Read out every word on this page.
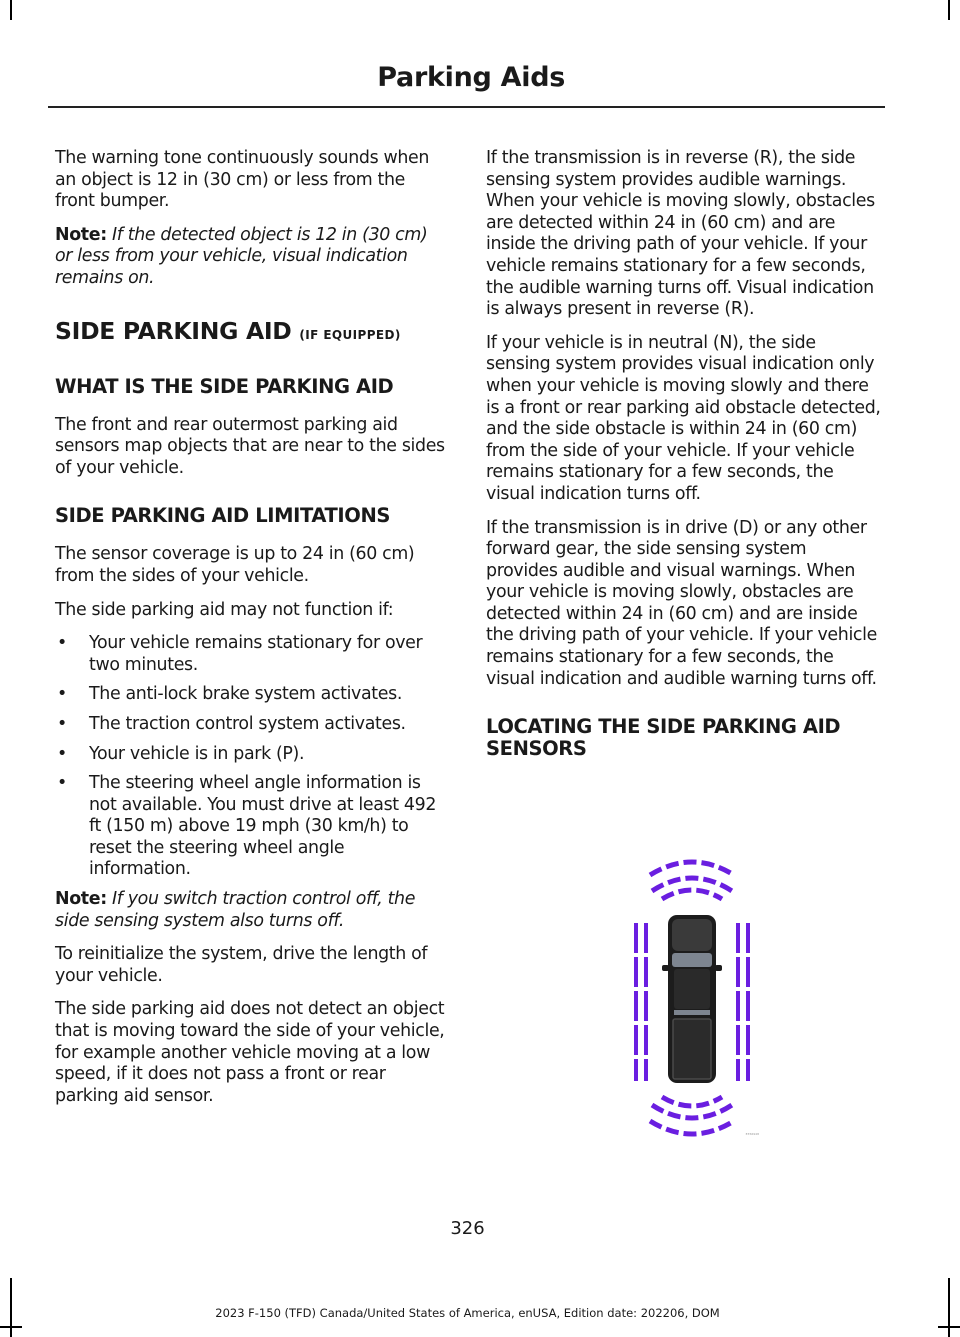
Parking Aids

The warning tone continuously sounds when an object is 12 in (30 cm) or less from the front bumper.

Note: If the detected object is 12 in (30 cm) or less from your vehicle, visual indication remains on.

SIDE PARKING AID (IF EQUIPPED)
WHAT IS THE SIDE PARKING AID

The front and rear outermost parking aid sensors map objects that are near to the sides of your vehicle.

SIDE PARKING AID LIMITATIONS

The sensor coverage is up to 24 in (60 cm) from the sides of your vehicle.

The side parking aid may not function if:

• Your vehicle remains stationary for over two minutes.
• The anti-lock brake system activates.
• The traction control system activates.
• Your vehicle is in park (P).
• The steering wheel angle information is not available. You must drive at least 492 ft (150 m) above 19 mph (30 km/h) to reset the steering wheel angle information.

Note: If you switch traction control off, the side sensing system also turns off.

To reinitialize the system, drive the length of your vehicle.

The side parking aid does not detect an object that is moving toward the side of your vehicle, for example another vehicle moving at a low speed, if it does not pass a front or rear parking aid sensor.

If the transmission is in reverse (R), the side sensing system provides audible warnings. When your vehicle is moving slowly, obstacles are detected within 24 in (60 cm) and are inside the driving path of your vehicle. If your vehicle remains stationary for a few seconds, the audible warning turns off. Visual indication is always present in reverse (R).

If your vehicle is in neutral (N), the side sensing system provides visual indication only when your vehicle is moving slowly and there is a front or rear parking aid obstacle detected, and the side obstacle is within 24 in (60 cm) from the side of your vehicle. If your vehicle remains stationary for a few seconds, the visual indication turns off.

If the transmission is in drive (D) or any other forward gear, the side sensing system provides audible and visual warnings. When your vehicle is moving slowly, obstacles are detected within 24 in (60 cm) and are inside the driving path of your vehicle. If your vehicle remains stationary for a few seconds, the visual indication and audible warning turns off.

LOCATING THE SIDE PARKING AID SENSORS
E356948
326
2023 F-150 (TFD) Canada/United States of America, enUSA, Edition date: 202206, DOM
